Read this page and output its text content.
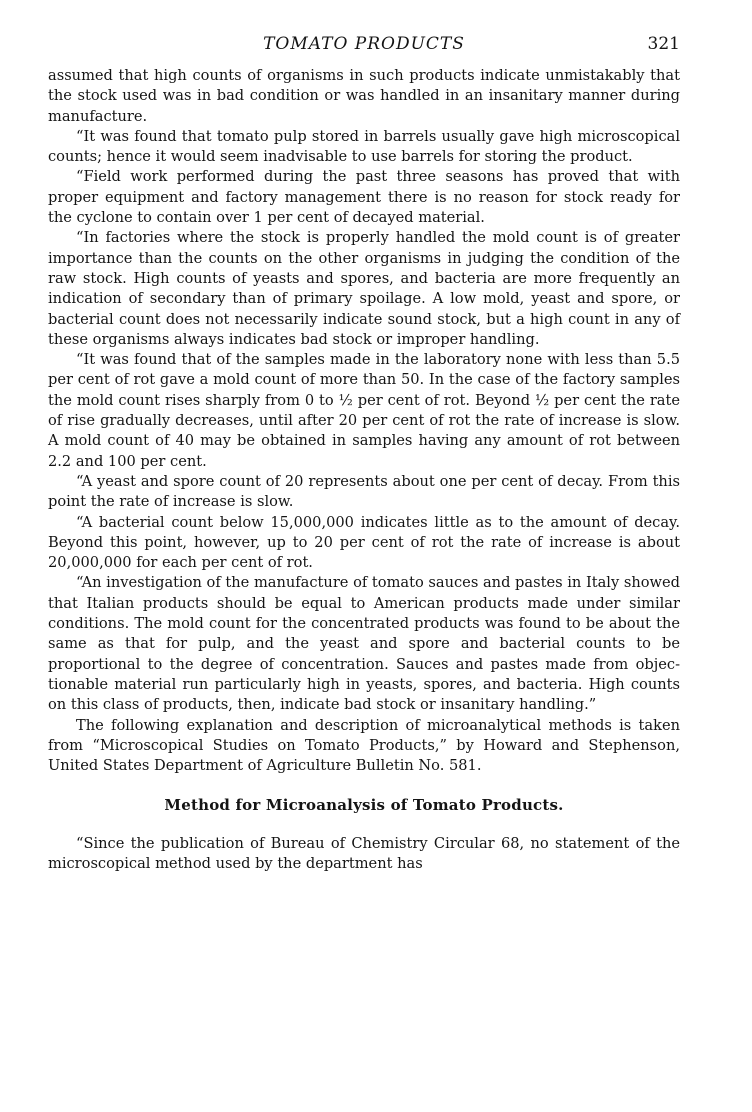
TOMATO PRODUCTS	321

assumed that high counts of organisms in such products indicate unmistakably that the stock used was in bad condition or was handled in an insanitary manner during manufacture.

“It was found that tomato pulp stored in barrels usually gave high microscopical counts; hence it would seem inadvisable to use barrels for storing the product.

“Field work performed during the past three seasons has proved that with proper equipment and factory management there is no reason for stock ready for the cyclone to contain over 1 per cent of decayed material.

“In factories where the stock is properly handled the mold count is of greater importance than the counts on the other organisms in judging the condition of the raw stock. High counts of yeasts and spores, and bacteria are more frequently an indication of secondary than of primary spoilage. A low mold, yeast and spore, or bacterial count does not necessarily indicate sound stock, but a high count in any of these organisms always indicates bad stock or improper handling.

“It was found that of the samples made in the laboratory none with less than 5.5 per cent of rot gave a mold count of more than 50. In the case of the factory samples the mold count rises sharply from 0 to ½ per cent of rot. Beyond ½ per cent the rate of rise gradually decreases, until after 20 per cent of rot the rate of increase is slow. A mold count of 40 may be obtained in samples having any amount of rot between 2.2 and 100 per cent.

“A yeast and spore count of 20 represents about one per cent of decay. From this point the rate of increase is slow.

“A bacterial count below 15,000,000 indicates little as to the amount of decay. Beyond this point, however, up to 20 per cent of rot the rate of increase is about 20,000,000 for each per cent of rot.

“An investigation of the manufacture of tomato sauces and pastes in Italy showed that Italian products should be equal to American products made under similar conditions. The mold count for the concentrated products was found to be about the same as that for pulp, and the yeast and spore and bacterial counts to be proportional to the degree of concentration. Sauces and pastes made from objectionable material run particularly high in yeasts, spores, and bacteria. High counts on this class of products, then, indicate bad stock or insanitary handling.”

The following explanation and description of microanalytical methods is taken from “Microscopical Studies on Tomato Products,” by Howard and Stephenson, United States Department of Agriculture Bulletin No. 581.

Method for Microanalysis of Tomato Products.

“Since the publication of Bureau of Chemistry Circular 68, no statement of the microscopical method used by the department has
